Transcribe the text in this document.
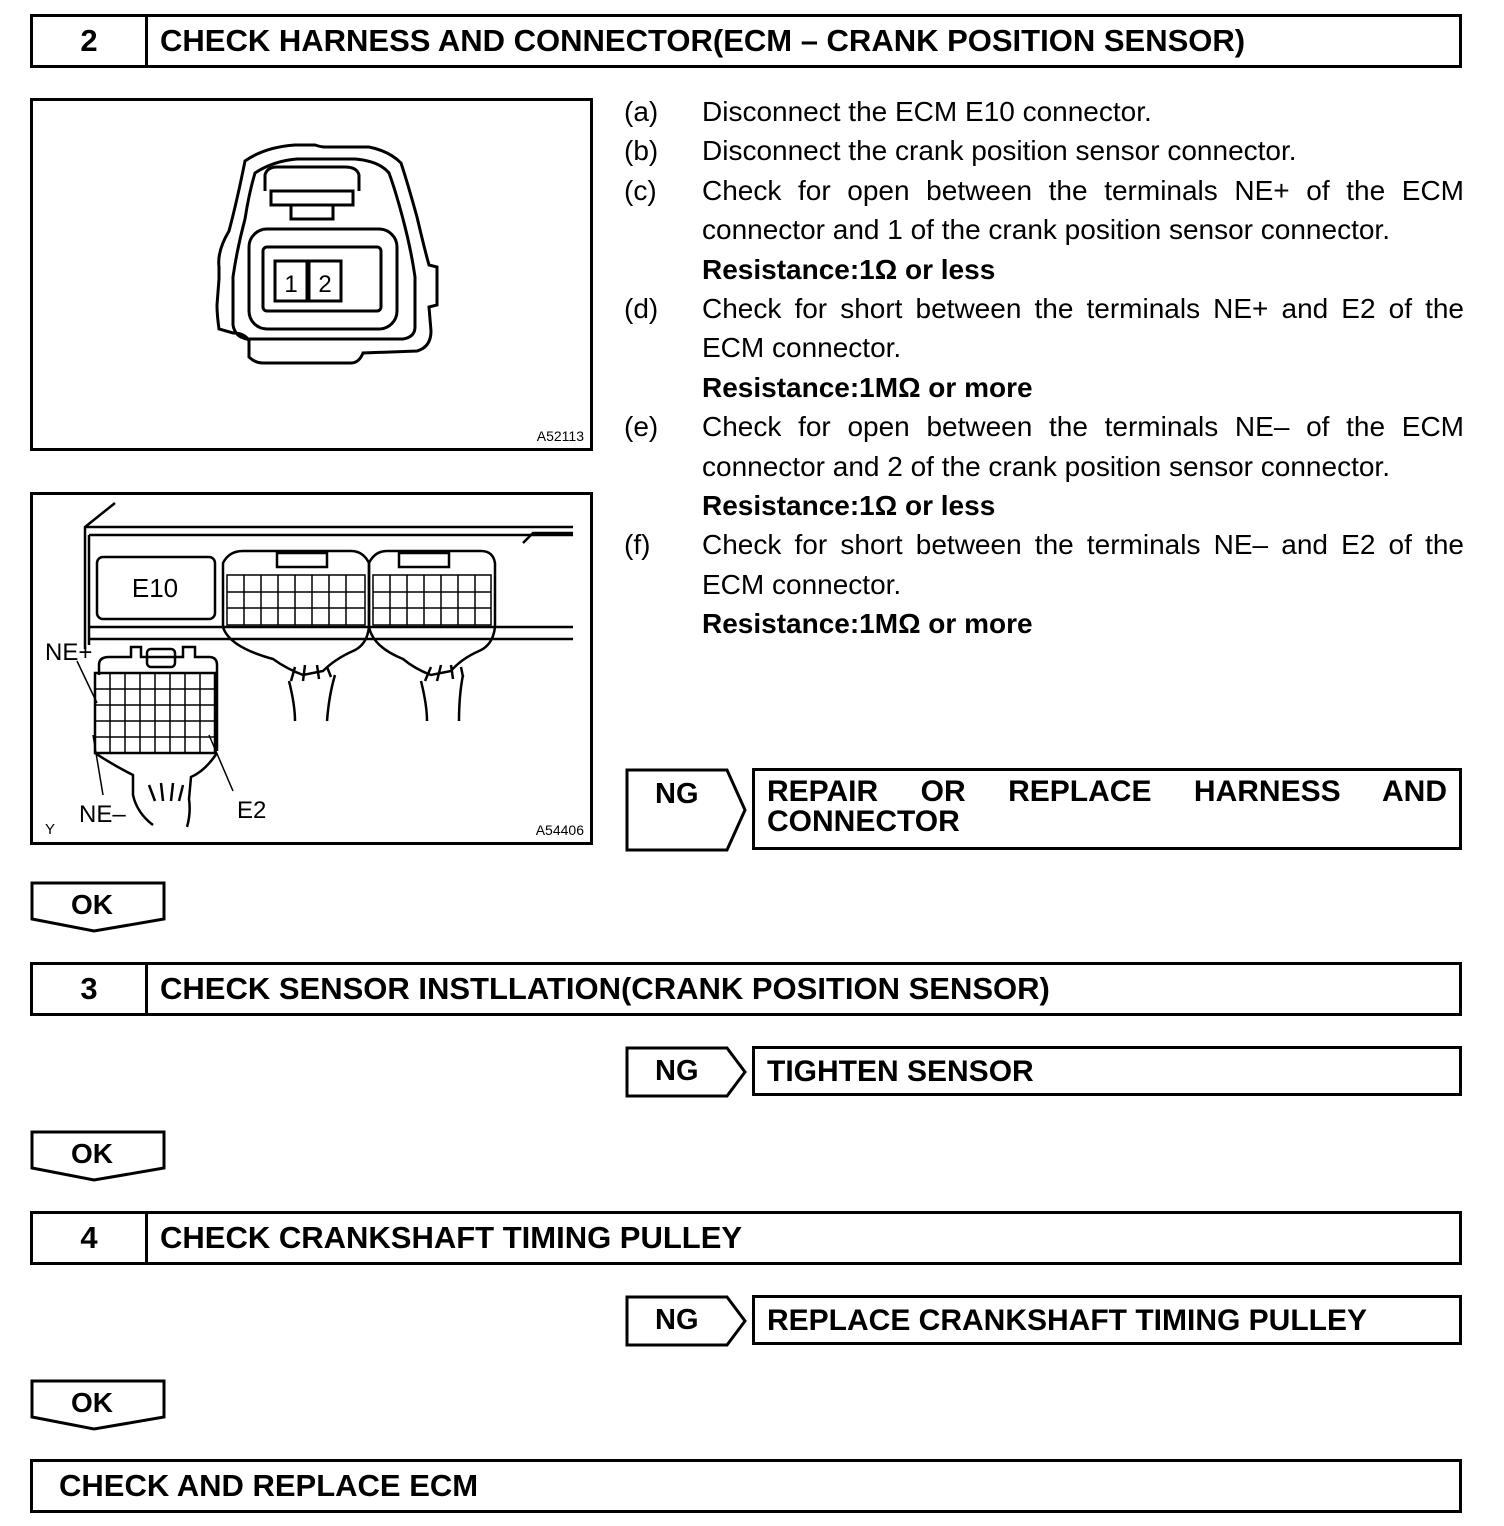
2	CHECK HARNESS AND CONNECTOR(ECM – CRANK POSITION SENSOR)
1 2
A52113
E10
NE+
NE–	E2
Y	A54406
(a)	Disconnect the ECM E10 connector.
(b)	Disconnect the crank position sensor connector.
(c)	Check for open between the terminals NE+ of the ECM connector and 1 of the crank position sensor connector.
Resistance:1Ω or less
(d)	Check for short between the terminals NE+ and E2 of the ECM connector.
Resistance:1MΩ or more
(e)	Check for open between the terminals NE– of the ECM connector and 2 of the crank position sensor connector.
Resistance:1Ω or less
(f)	Check for short between the terminals NE– and E2 of the ECM connector.
Resistance:1MΩ or more
NG REPAIR OR REPLACE HARNESS AND CONNECTOR
OK
3	CHECK SENSOR INSTLLATION(CRANK POSITION SENSOR)
NG	TIGHTEN SENSOR
OK
4	CHECK CRANKSHAFT TIMING PULLEY
NG	REPLACE CRANKSHAFT TIMING PULLEY
OK
CHECK AND REPLACE ECM
